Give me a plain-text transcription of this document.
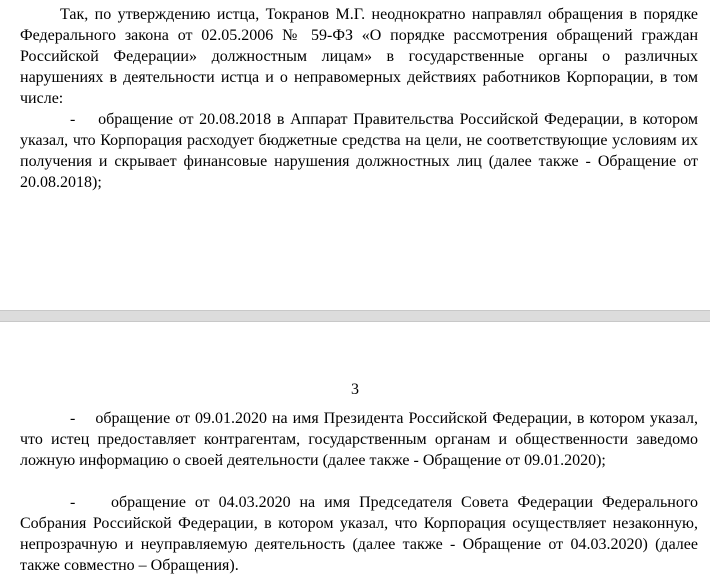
Так, по утверждению истца, Токранов М.Г. неоднократно направлял обращения в порядке Федерального закона от 02.05.2006 № 59-ФЗ «О порядке рассмотрения обращений граждан Российской Федерации» должностным лицам» в государственные органы о различных нарушениях в деятельности истца и о неправомерных действиях работников Корпорации, в том числе:

-    обращение от 20.08.2018 в Аппарат Правительства Российской Федерации, в котором указал, что Корпорация расходует бюджетные средства на цели, не соответствующие условиям их получения и скрывает финансовые нарушения должностных лиц (далее также - Обращение от 20.08.2018);

3

-    обращение от 09.01.2020 на имя Президента Российской Федерации, в котором указал, что истец предоставляет контрагентам, государственным органам и общественности заведомо ложную информацию о своей деятельности (далее также - Обращение от 09.01.2020);

-    обращение от 04.03.2020 на имя Председателя Совета Федерации Федерального Собрания Российской Федерации, в котором указал, что Корпорация осуществляет незаконную, непрозрачную и неуправляемую деятельность (далее также - Обращение от 04.03.2020) (далее также совместно – Обращения).
